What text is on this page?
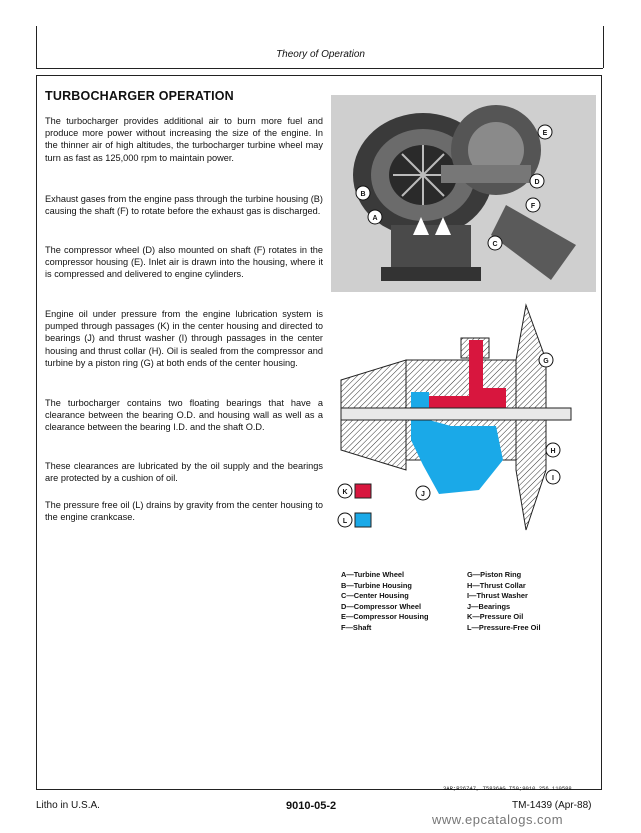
Theory of Operation
TURBOCHARGER OPERATION
The turbocharger provides additional air to burn more fuel and produce more power without increasing the size of the engine. In the thinner air of high altitudes, the turbocharger turbine wheel may turn as fast as 125,000 rpm to maintain power.
Exhaust gases from the engine pass through the turbine housing (B) causing the shaft (F) to rotate before the exhaust gas is discharged.
The compressor wheel (D) also mounted on shaft (F) rotates in the compressor housing (E). Inlet air is drawn into the housing, where it is compressed and delivered to engine cylinders.
Engine oil under pressure from the engine lubrication system is pumped through passages (K) in the center housing and directed to bearings (J) and thrust washer (I) through passages in the center housing and thrust collar (H). Oil is sealed from the compressor and turbine by a piston ring (G) at both ends of the center housing.
The turbocharger contains two floating bearings that have a clearance between the bearing O.D. and housing wall as well as a clearance between the bearing I.D. and the shaft O.D.
These clearances are lubricated by the oil supply and the bearings are protected by a cushion of oil.
The pressure free oil (L) drains by gravity from the center housing to the engine crankcase.
E
D
F
C
B
A
G
H
I
J
K
L
A—Turbine Wheel
B—Turbine Housing
C—Center Housing
D—Compressor Wheel
E—Compressor Housing
F—Shaft
G—Piston Ring
H—Thrust Collar
I—Thrust Washer
J—Bearings
K—Pressure Oil
L—Pressure-Free Oil
3AR;R26747, T5836AG T59;9010 256 110588
Litho in U.S.A.	9010-05-2	TM-1439 (Apr-88)
www.epcatalogs.com
